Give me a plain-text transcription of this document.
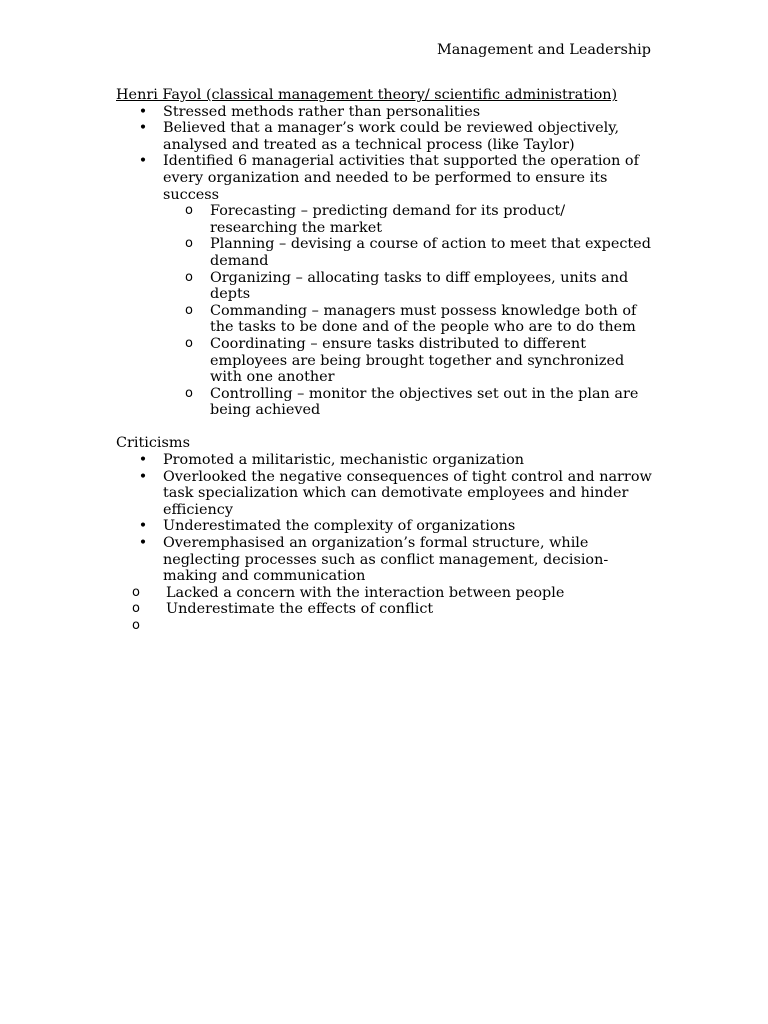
Management and Leadership
Henri Fayol (classical management theory/ scientific administration)
• Stressed methods rather than personalities
• Believed that a manager’s work could be reviewed objectively, analysed and treated as a technical process (like Taylor)
• Identified 6 managerial activities that supported the operation of every organization and needed to be performed to ensure its success
o Forecasting – predicting demand for its product/ researching the market
o Planning – devising a course of action to meet that expected demand
o Organizing – allocating tasks to diff employees, units and depts
o Commanding – managers must possess knowledge both of the tasks to be done and of the people who are to do them
o Coordinating – ensure tasks distributed to different employees are being brought together and synchronized with one another
o Controlling – monitor the objectives set out in the plan are being achieved
Criticisms
• Promoted a militaristic, mechanistic organization
• Overlooked the negative consequences of tight control and narrow task specialization which can demotivate employees and hinder efficiency
• Underestimated the complexity of organizations
• Overemphasised an organization’s formal structure, while neglecting processes such as conflict management, decision-making and communication
o Lacked a concern with the interaction between people
o Underestimate the effects of conflict
o
